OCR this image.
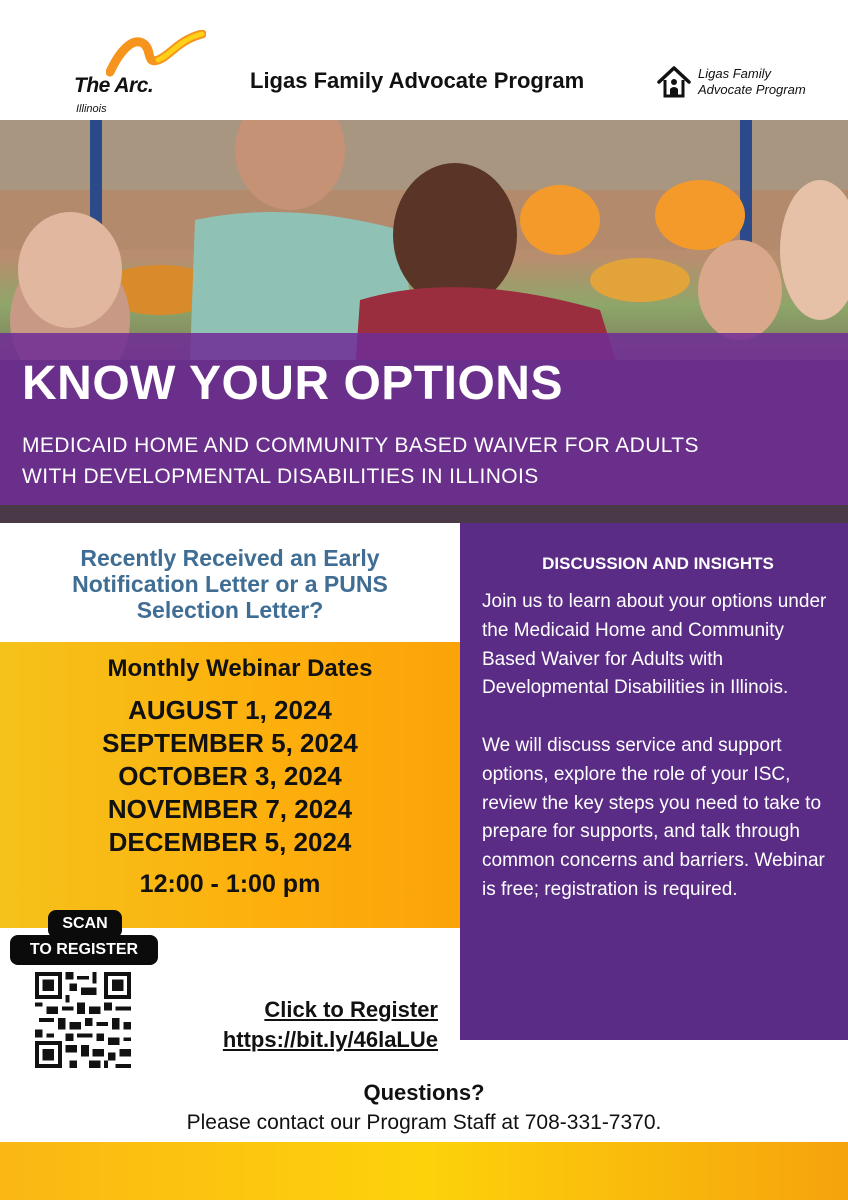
The Arc.
Illinois
Ligas Family Advocate Program	Ligas Family
Advocate Program
KNOW YOUR OPTIONS
MEDICAID HOME AND COMMUNITY BASED WAIVER FOR ADULTS
WITH DEVELOPMENTAL DISABILITIES IN ILLINOIS
Recently Received an Early
Notification Letter or a PUNS
Selection Letter?
Monthly Webinar Dates
AUGUST 1, 2024
SEPTEMBER 5, 2024
OCTOBER 3, 2024
NOVEMBER 7, 2024
DECEMBER 5, 2024
12:00 - 1:00 pm
SCAN
TO REGISTER
Click to Register
https://bit.ly/46laLUe
DISCUSSION AND INSIGHTS

Join us to learn about your options under the Medicaid Home and Community Based Waiver for Adults with Developmental Disabilities in Illinois.

We will discuss service and support options, explore the role of your ISC, review the key steps you need to take to prepare for supports, and talk through common concerns and barriers. Webinar is free; registration is required.

Questions?
Please contact our Program Staff at 708-331-7370.
